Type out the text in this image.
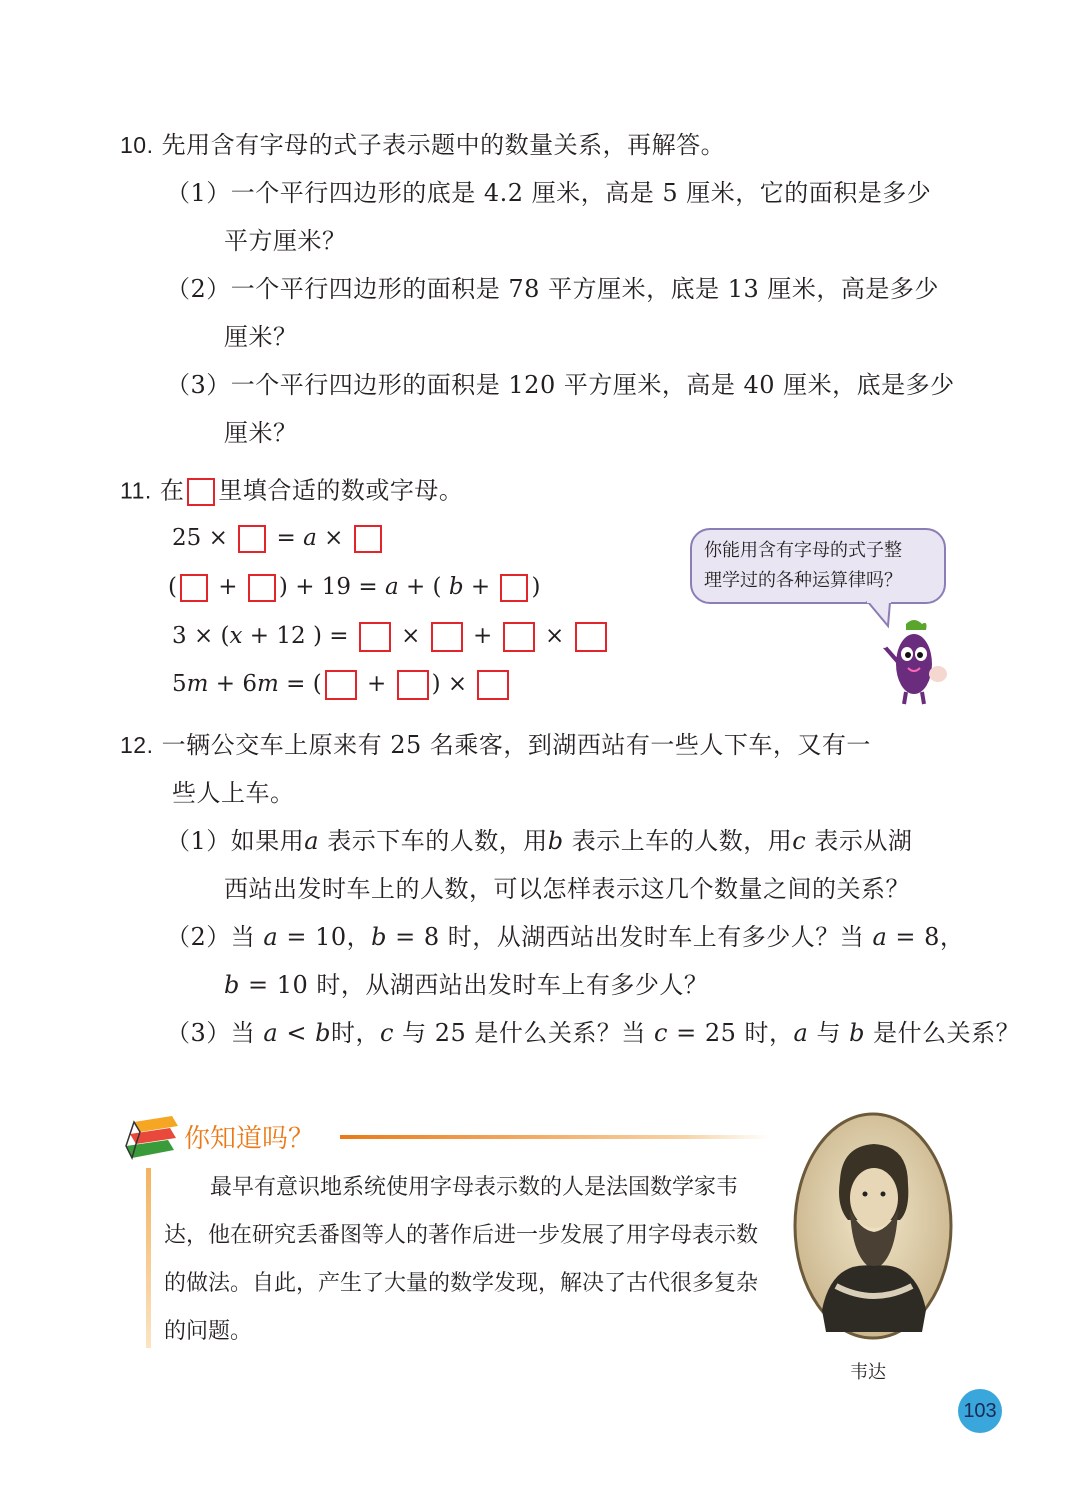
10. 先用含有字母的式子表示题中的数量关系，再解答。
（1）一个平行四边形的底是 4.2 厘米，高是 5 厘米，它的面积是多少
平方厘米？
（2）一个平行四边形的面积是 78 平方厘米，底是 13 厘米，高是多少
厘米？
（3）一个平行四边形的面积是 120 平方厘米，高是 40 厘米，底是多少
厘米？
11. 在 里填合适的数或字母。
25 × = a ×
( + ) + 19 = a + ( b + )
3 × (x + 12 ) = × + ×
5m + 6m = ( + ) ×
你能用含有字母的式子整
理学过的各种运算律吗？
12. 一辆公交车上原来有 25 名乘客，到湖西站有一些人下车，又有一
些人上车。
（1）如果用a 表示下车的人数，用b 表示上车的人数，用c 表示从湖
西站出发时车上的人数，可以怎样表示这几个数量之间的关系？
（2）当 a = 10，b = 8 时，从湖西站出发时车上有多少人？当 a = 8，
b = 10 时，从湖西站出发时车上有多少人？
（3）当 a < b时，c 与 25 是什么关系？当 c = 25 时，a 与 b 是什么关系？
你知道吗？
最早有意识地系统使用字母表示数的人是法国数学家韦达，他在研究丢番图等人的著作后进一步发展了用字母表示数的做法。自此，产生了大量的数学发现，解决了古代很多复杂的问题。
韦达
103
